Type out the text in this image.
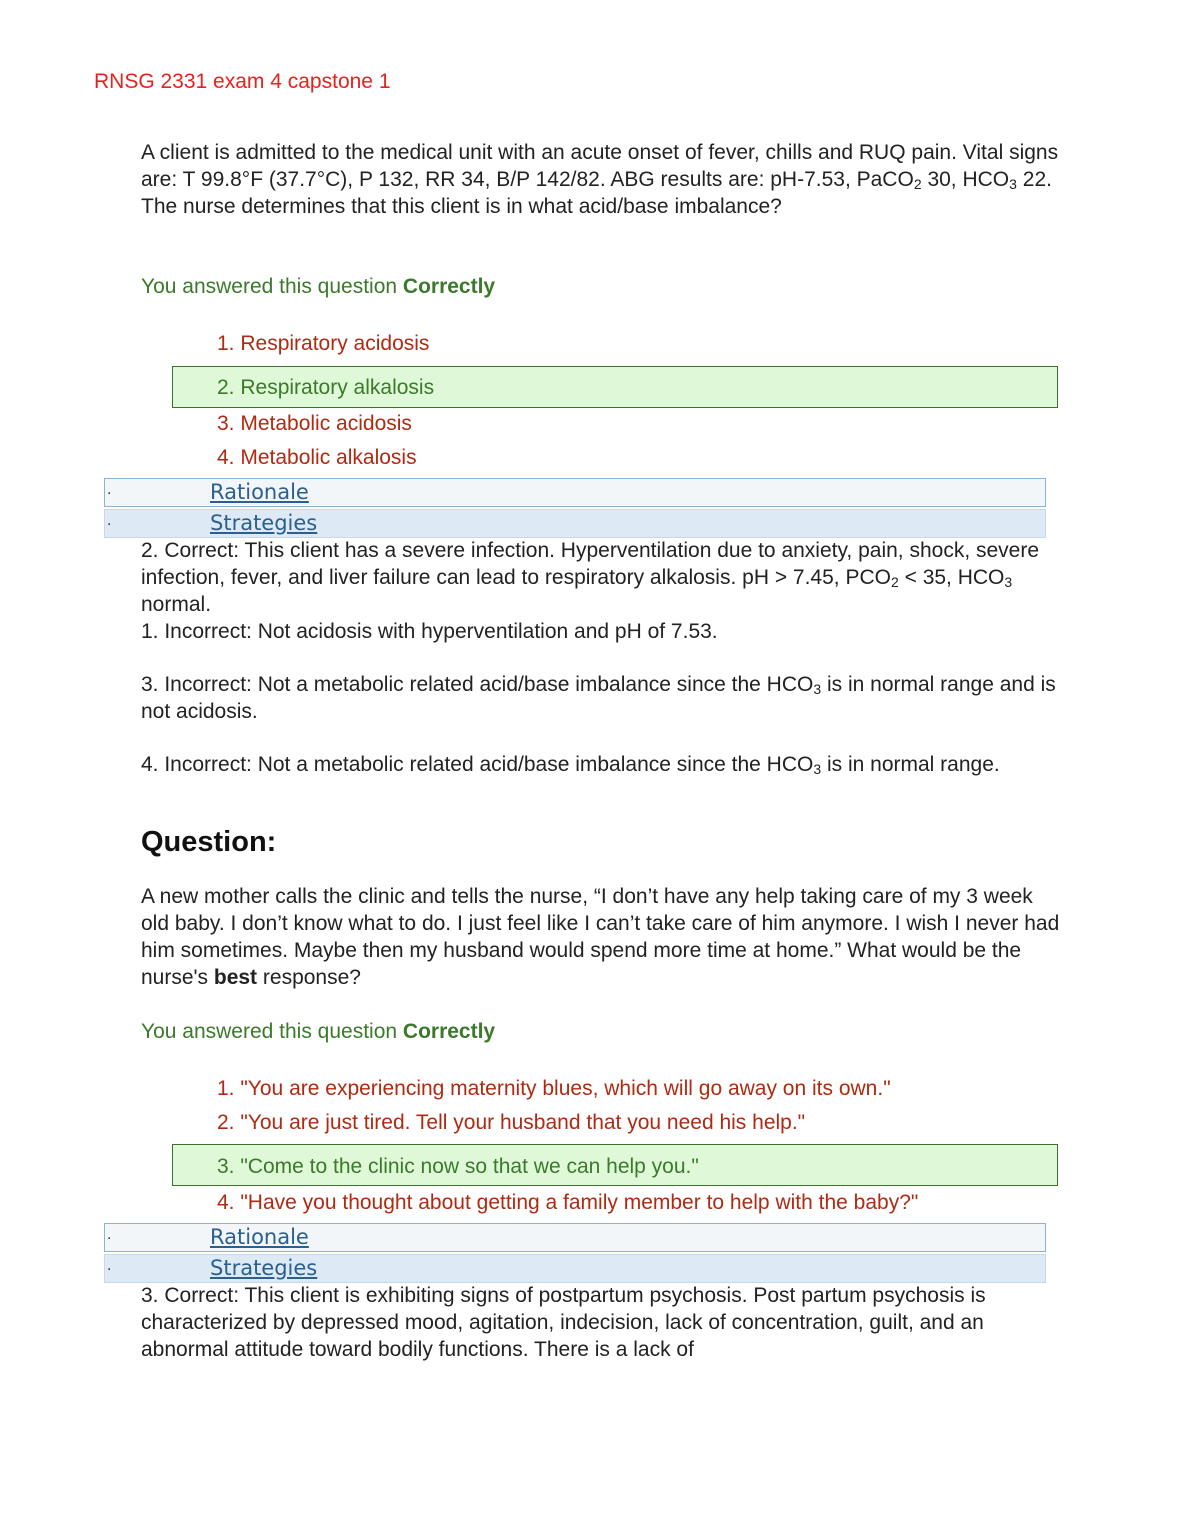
RNSG 2331 exam 4 capstone 1

A client is admitted to the medical unit with an acute onset of fever, chills and RUQ pain. Vital signs are: T 99.8°F (37.7°C), P 132, RR 34, B/P 142/82. ABG results are: pH-7.53, PaCO$_2$ 30, $HCO_3$ 22. The nurse determines that this client is in what acid/base imbalance?

You answered this question Correctly

1. Respiratory acidosis

2. Respiratory alkalosis

3. Metabolic acidosis

4. Metabolic alkalosis

.	Rationale
.	Strategies

2. Correct: This client has a severe infection. Hyperventilation due to anxiety, pain, shock, severe infection, fever, and liver failure can lead to respiratory alkalosis. pH > 7.45, $PCO_2 < 35$, $HCO_3$ normal.

1. Incorrect: Not acidosis with hyperventilation and pH of 7.53.

3. Incorrect: Not a metabolic related acid/base imbalance since the $HCO_3$ is in normal range and is not acidosis.

4. Incorrect: Not a metabolic related acid/base imbalance since the $HCO_3$ is in normal range.

Question:

A new mother calls the clinic and tells the nurse, “I don’t have any help taking care of my 3 week old baby. I don’t know what to do. I just feel like I can’t take care of him anymore. I wish I never had him sometimes. Maybe then my husband would spend more time at home.” What would be the nurse's best response?

You answered this question Correctly

1. "You are experiencing maternity blues, which will go away on its own."

2. "You are just tired. Tell your husband that you need his help."

3. "Come to the clinic now so that we can help you."

4. "Have you thought about getting a family member to help with the baby?"

.	Rationale
.	Strategies

3. Correct: This client is exhibiting signs of postpartum psychosis. Post partum psychosis is characterized by depressed mood, agitation, indecision, lack of concentration, guilt, and an abnormal attitude toward bodily functions. There is a lack of
